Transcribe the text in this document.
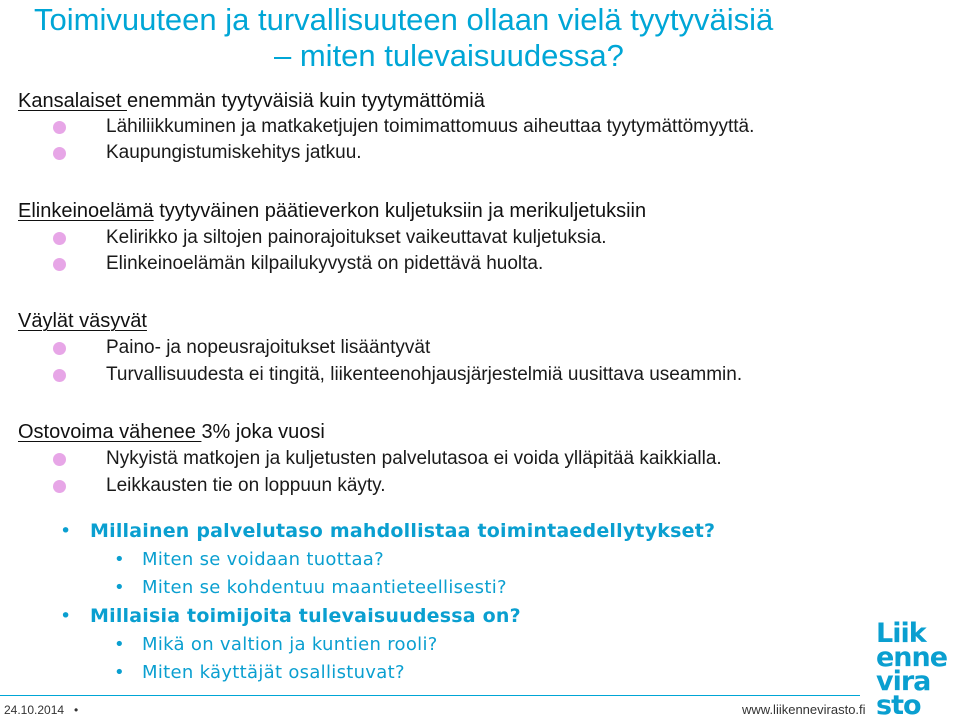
Toimivuuteen ja turvallisuuteen ollaan vielä tyytyväisiä
– miten tulevaisuudessa?
Kansalaiset enemmän tyytyväisiä kuin tyytymättömiä
Lähiliikkuminen ja matkaketjujen toimimattomuus aiheuttaa tyytymättömyyttä.
Kaupungistumiskehitys jatkuu.
Elinkeinoelämä tyytyväinen päätieverkon kuljetuksiin ja merikuljetuksiin
Kelirikko ja siltojen painorajoitukset vaikeuttavat kuljetuksia.
Elinkeinoelämän kilpailukyvystä on pidettävä huolta.
Väylät väsyvät
Paino- ja nopeusrajoitukset lisääntyvät
Turvallisuudesta ei tingitä, liikenteenohjausjärjestelmiä uusittava useammin.
Ostovoima vähenee 3% joka vuosi
Nykyistä matkojen ja kuljetusten palvelutasoa ei voida ylläpitää kaikkialla.
Leikkausten tie on loppuun käyty.
• Millainen palvelutaso mahdollistaa toimintaedellytykset?
• Miten se voidaan tuottaa?
• Miten se kohdentuu maantieteellisesti?
• Millaisia toimijoita tulevaisuudessa on?
• Mikä on valtion ja kuntien rooli?
• Miten käyttäjät osallistuvat?
24.10.2014 •	www.liikennevirasto.fi
Liik
enne
vira
sto
